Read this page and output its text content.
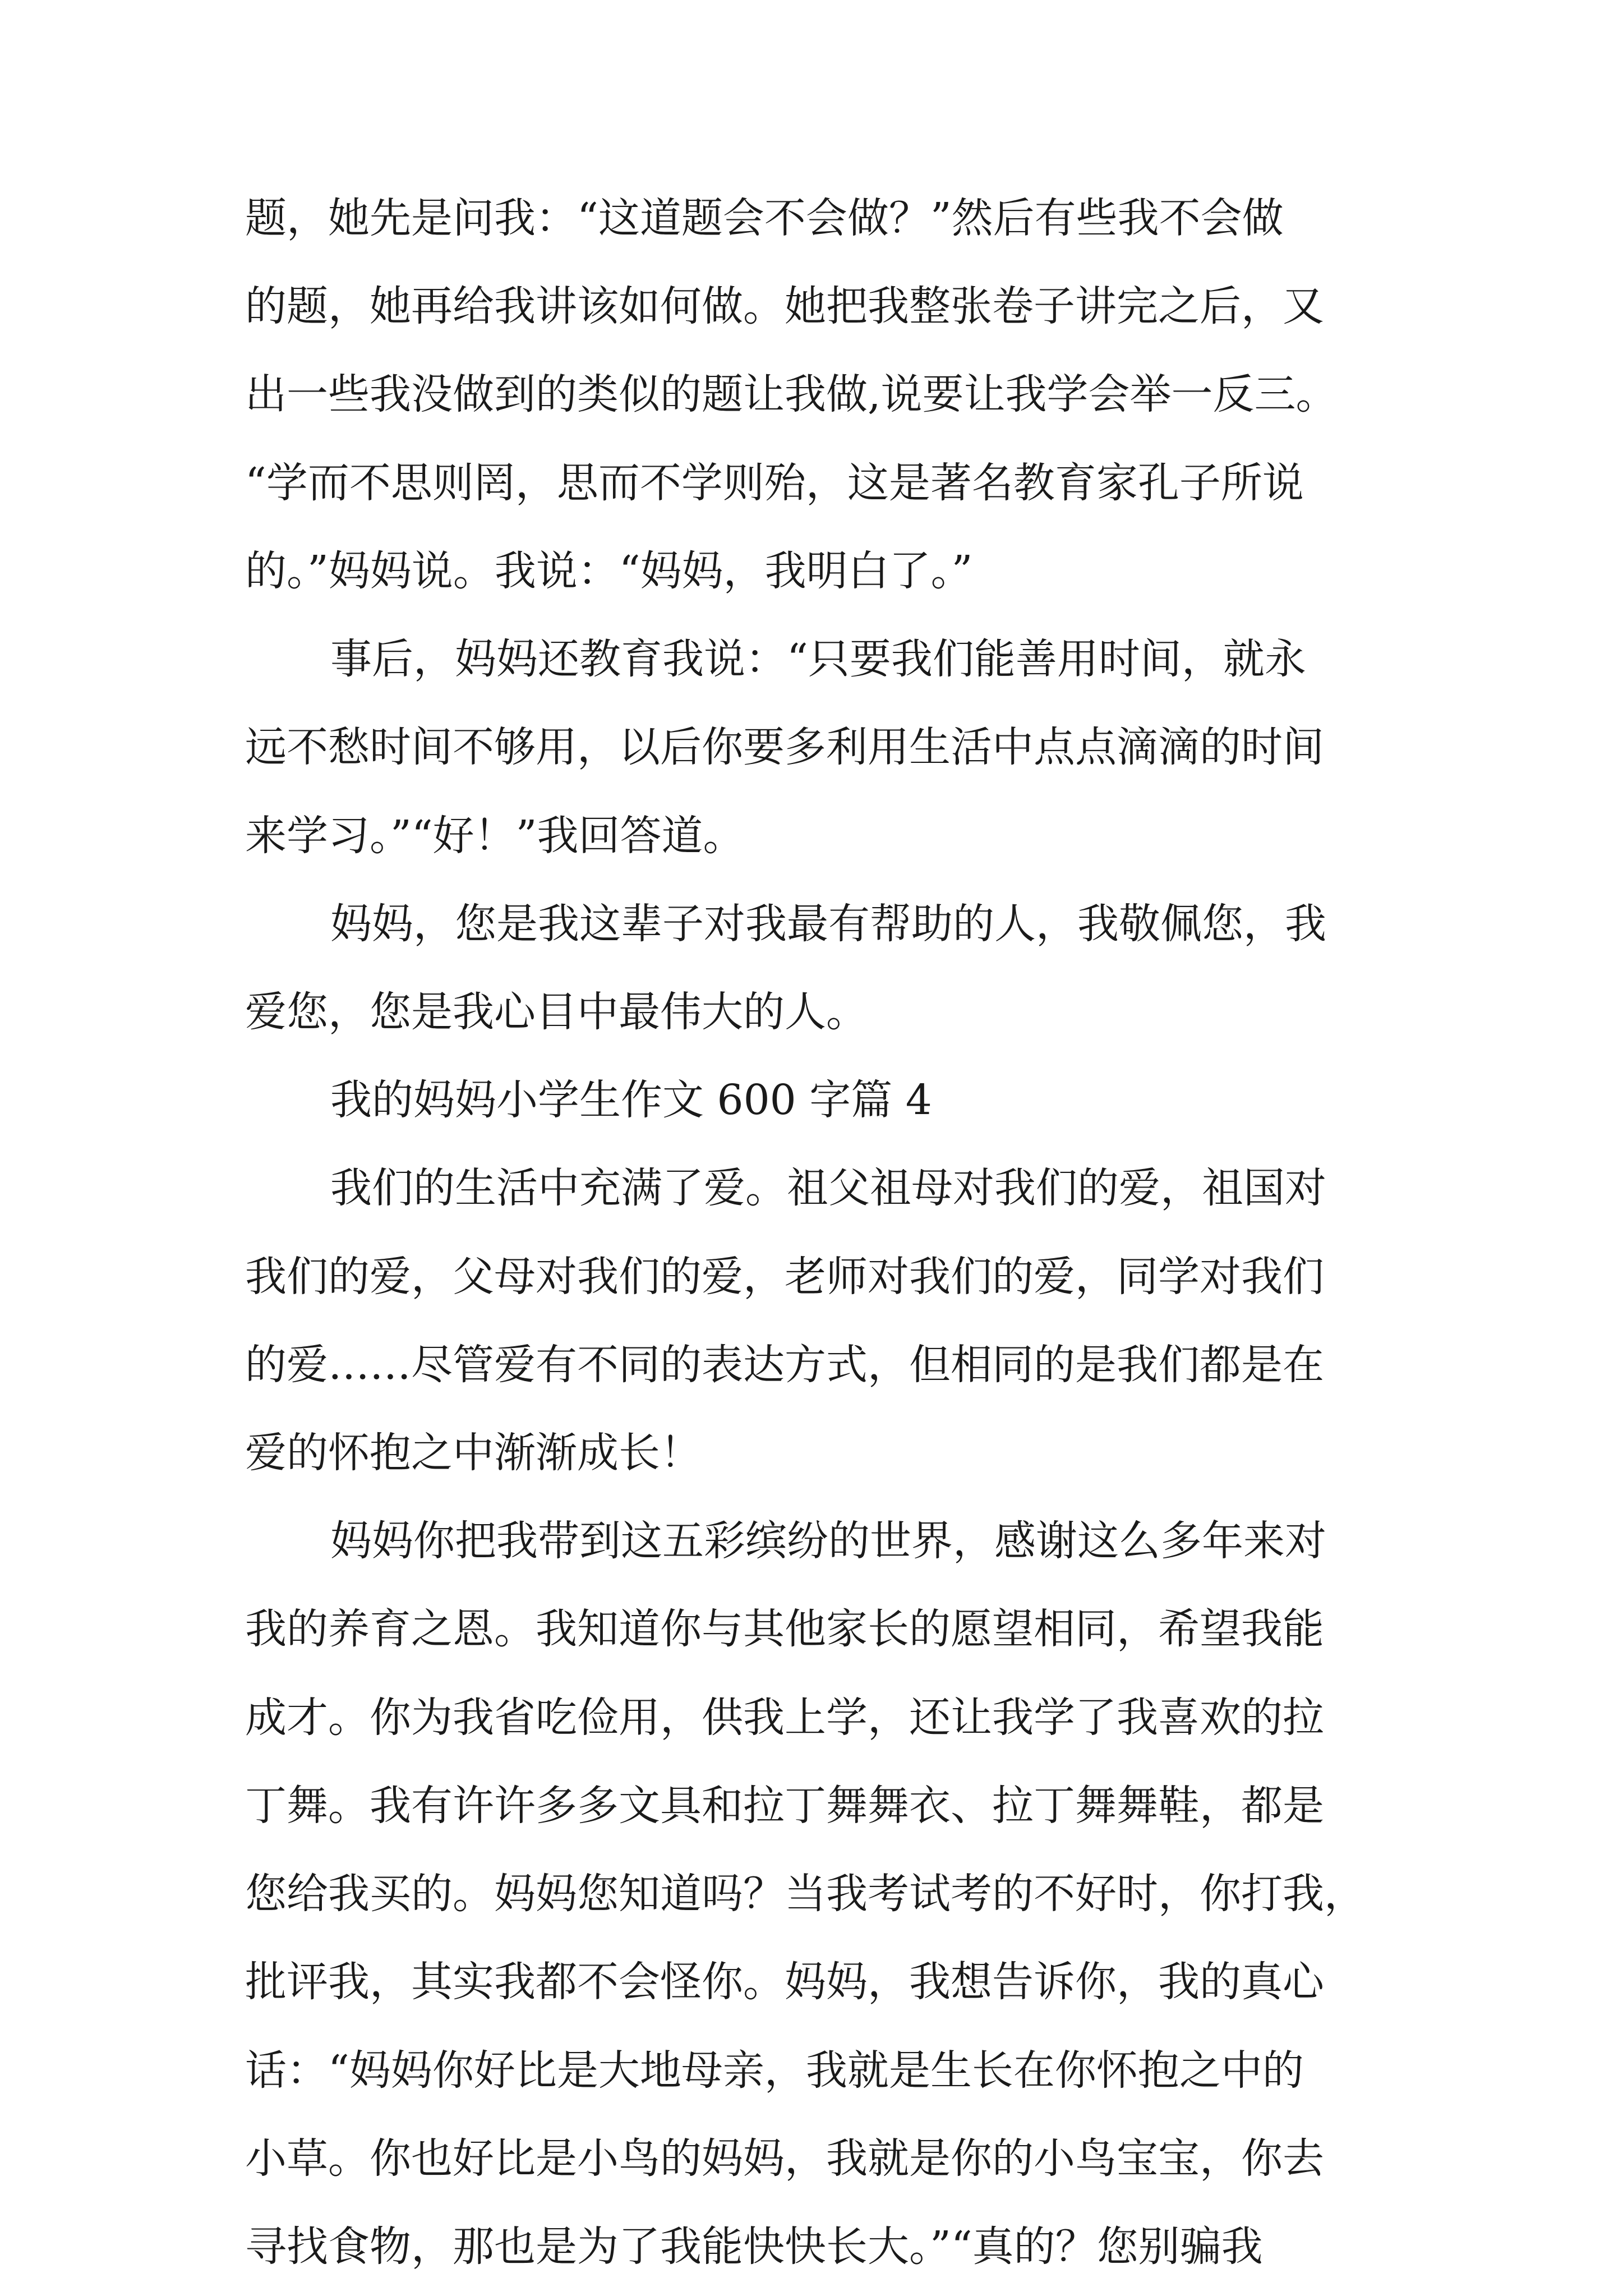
题，她先是问我：“这道题会不会做？”然后有些我不会做
的题，她再给我讲该如何做。她把我整张卷子讲完之后，又
出一些我没做到的类似的题让我做,说要让我学会举一反三。
“学而不思则罔，思而不学则殆，这是著名教育家孔子所说
的。”妈妈说。我说：“妈妈，我明白了。”
事后，妈妈还教育我说：“只要我们能善用时间，就永
远不愁时间不够用，以后你要多利用生活中点点滴滴的时间
来学习。”“好！”我回答道。
妈妈，您是我这辈子对我最有帮助的人，我敬佩您，我
爱您，您是我心目中最伟大的人。
我的妈妈小学生作文 600 字篇 4
我们的生活中充满了爱。祖父祖母对我们的爱，祖国对
我们的爱，父母对我们的爱，老师对我们的爱，同学对我们
的爱……尽管爱有不同的表达方式，但相同的是我们都是在
爱的怀抱之中渐渐成长！
妈妈你把我带到这五彩缤纷的世界，感谢这么多年来对
我的养育之恩。我知道你与其他家长的愿望相同，希望我能
成才。你为我省吃俭用，供我上学，还让我学了我喜欢的拉
丁舞。我有许许多多文具和拉丁舞舞衣、拉丁舞舞鞋，都是
您给我买的。妈妈您知道吗？当我考试考的不好时，你打我，
批评我，其实我都不会怪你。妈妈，我想告诉你，我的真心
话：“妈妈你好比是大地母亲，我就是生长在你怀抱之中的
小草。你也好比是小鸟的妈妈，我就是你的小鸟宝宝，你去
寻找食物，那也是为了我能快快长大。”“真的？您别骗我
